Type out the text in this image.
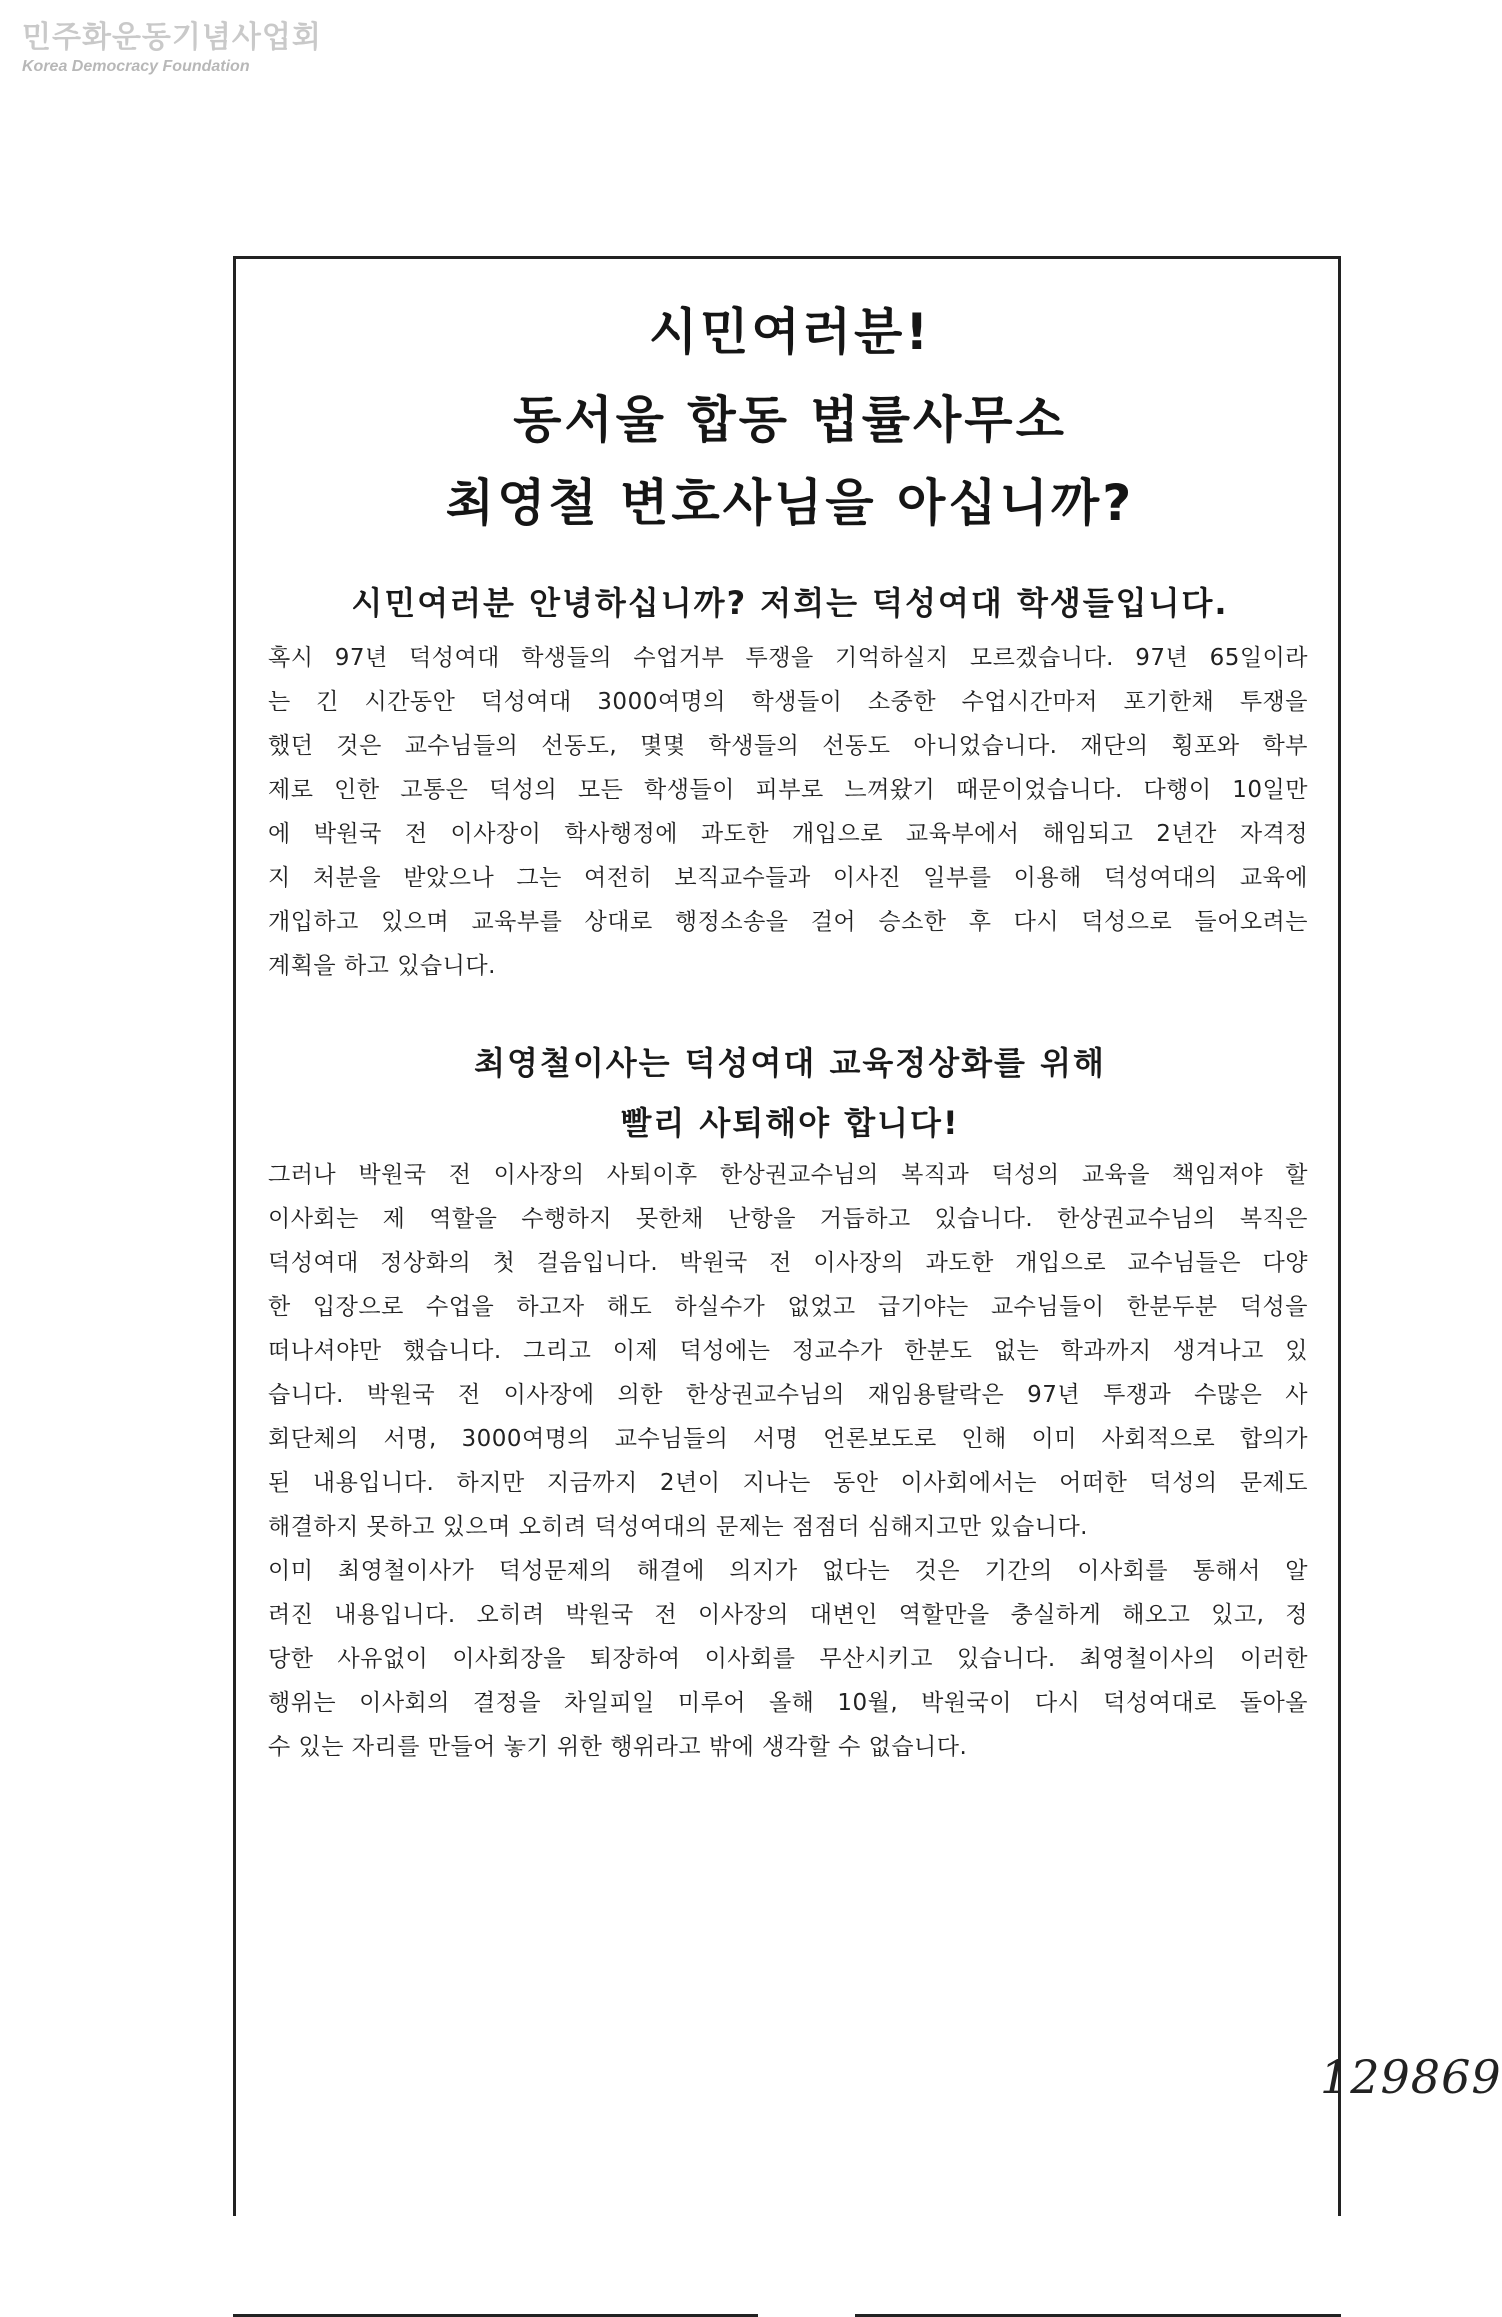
민주화운동기념사업회
Korea Democracy Foundation
시민여러분!
동서울 합동 법률사무소
최영철 변호사님을 아십니까?
시민여러분 안녕하십니까? 저희는 덕성여대 학생들입니다.
혹시 97년 덕성여대 학생들의 수업거부 투쟁을 기억하실지 모르겠습니다. 97년 65일이라
는 긴 시간동안 덕성여대 3000여명의 학생들이 소중한 수업시간마저 포기한채 투쟁을
했던 것은 교수님들의 선동도, 몇몇 학생들의 선동도 아니었습니다. 재단의 횡포와 학부
제로 인한 고통은 덕성의 모든 학생들이 피부로 느껴왔기 때문이었습니다. 다행이 10일만
에 박원국 전 이사장이 학사행정에 과도한 개입으로 교육부에서 해임되고 2년간 자격정
지 처분을 받았으나 그는 여전히 보직교수들과 이사진 일부를 이용해 덕성여대의 교육에
개입하고 있으며 교육부를 상대로 행정소송을 걸어 승소한 후 다시 덕성으로 들어오려는
계획을 하고 있습니다.
최영철이사는 덕성여대 교육정상화를 위해
빨리 사퇴해야 합니다!
그러나 박원국 전 이사장의 사퇴이후 한상권교수님의 복직과 덕성의 교육을 책임져야 할
이사회는 제 역할을 수행하지 못한채 난항을 거듭하고 있습니다. 한상권교수님의 복직은
덕성여대 정상화의 첫 걸음입니다. 박원국 전 이사장의 과도한 개입으로 교수님들은 다양
한 입장으로 수업을 하고자 해도 하실수가 없었고 급기야는 교수님들이 한분두분 덕성을
떠나셔야만 했습니다. 그리고 이제 덕성에는 정교수가 한분도 없는 학과까지 생겨나고 있
습니다. 박원국 전 이사장에 의한 한상권교수님의 재임용탈락은 97년 투쟁과 수많은 사
회단체의 서명, 3000여명의 교수님들의 서명 언론보도로 인해 이미 사회적으로 합의가
된 내용입니다. 하지만 지금까지 2년이 지나는 동안 이사회에서는 어떠한 덕성의 문제도
해결하지 못하고 있으며 오히려 덕성여대의 문제는 점점더 심해지고만 있습니다.
이미 최영철이사가 덕성문제의 해결에 의지가 없다는 것은 기간의 이사회를 통해서 알
려진 내용입니다. 오히려 박원국 전 이사장의 대변인 역할만을 충실하게 해오고 있고, 정
당한 사유없이 이사회장을 퇴장하여 이사회를 무산시키고 있습니다. 최영철이사의 이러한
행위는 이사회의 결정을 차일피일 미루어 올해 10월, 박원국이 다시 덕성여대로 돌아올
수 있는 자리를 만들어 놓기 위한 행위라고 밖에 생각할 수 없습니다.
129869
